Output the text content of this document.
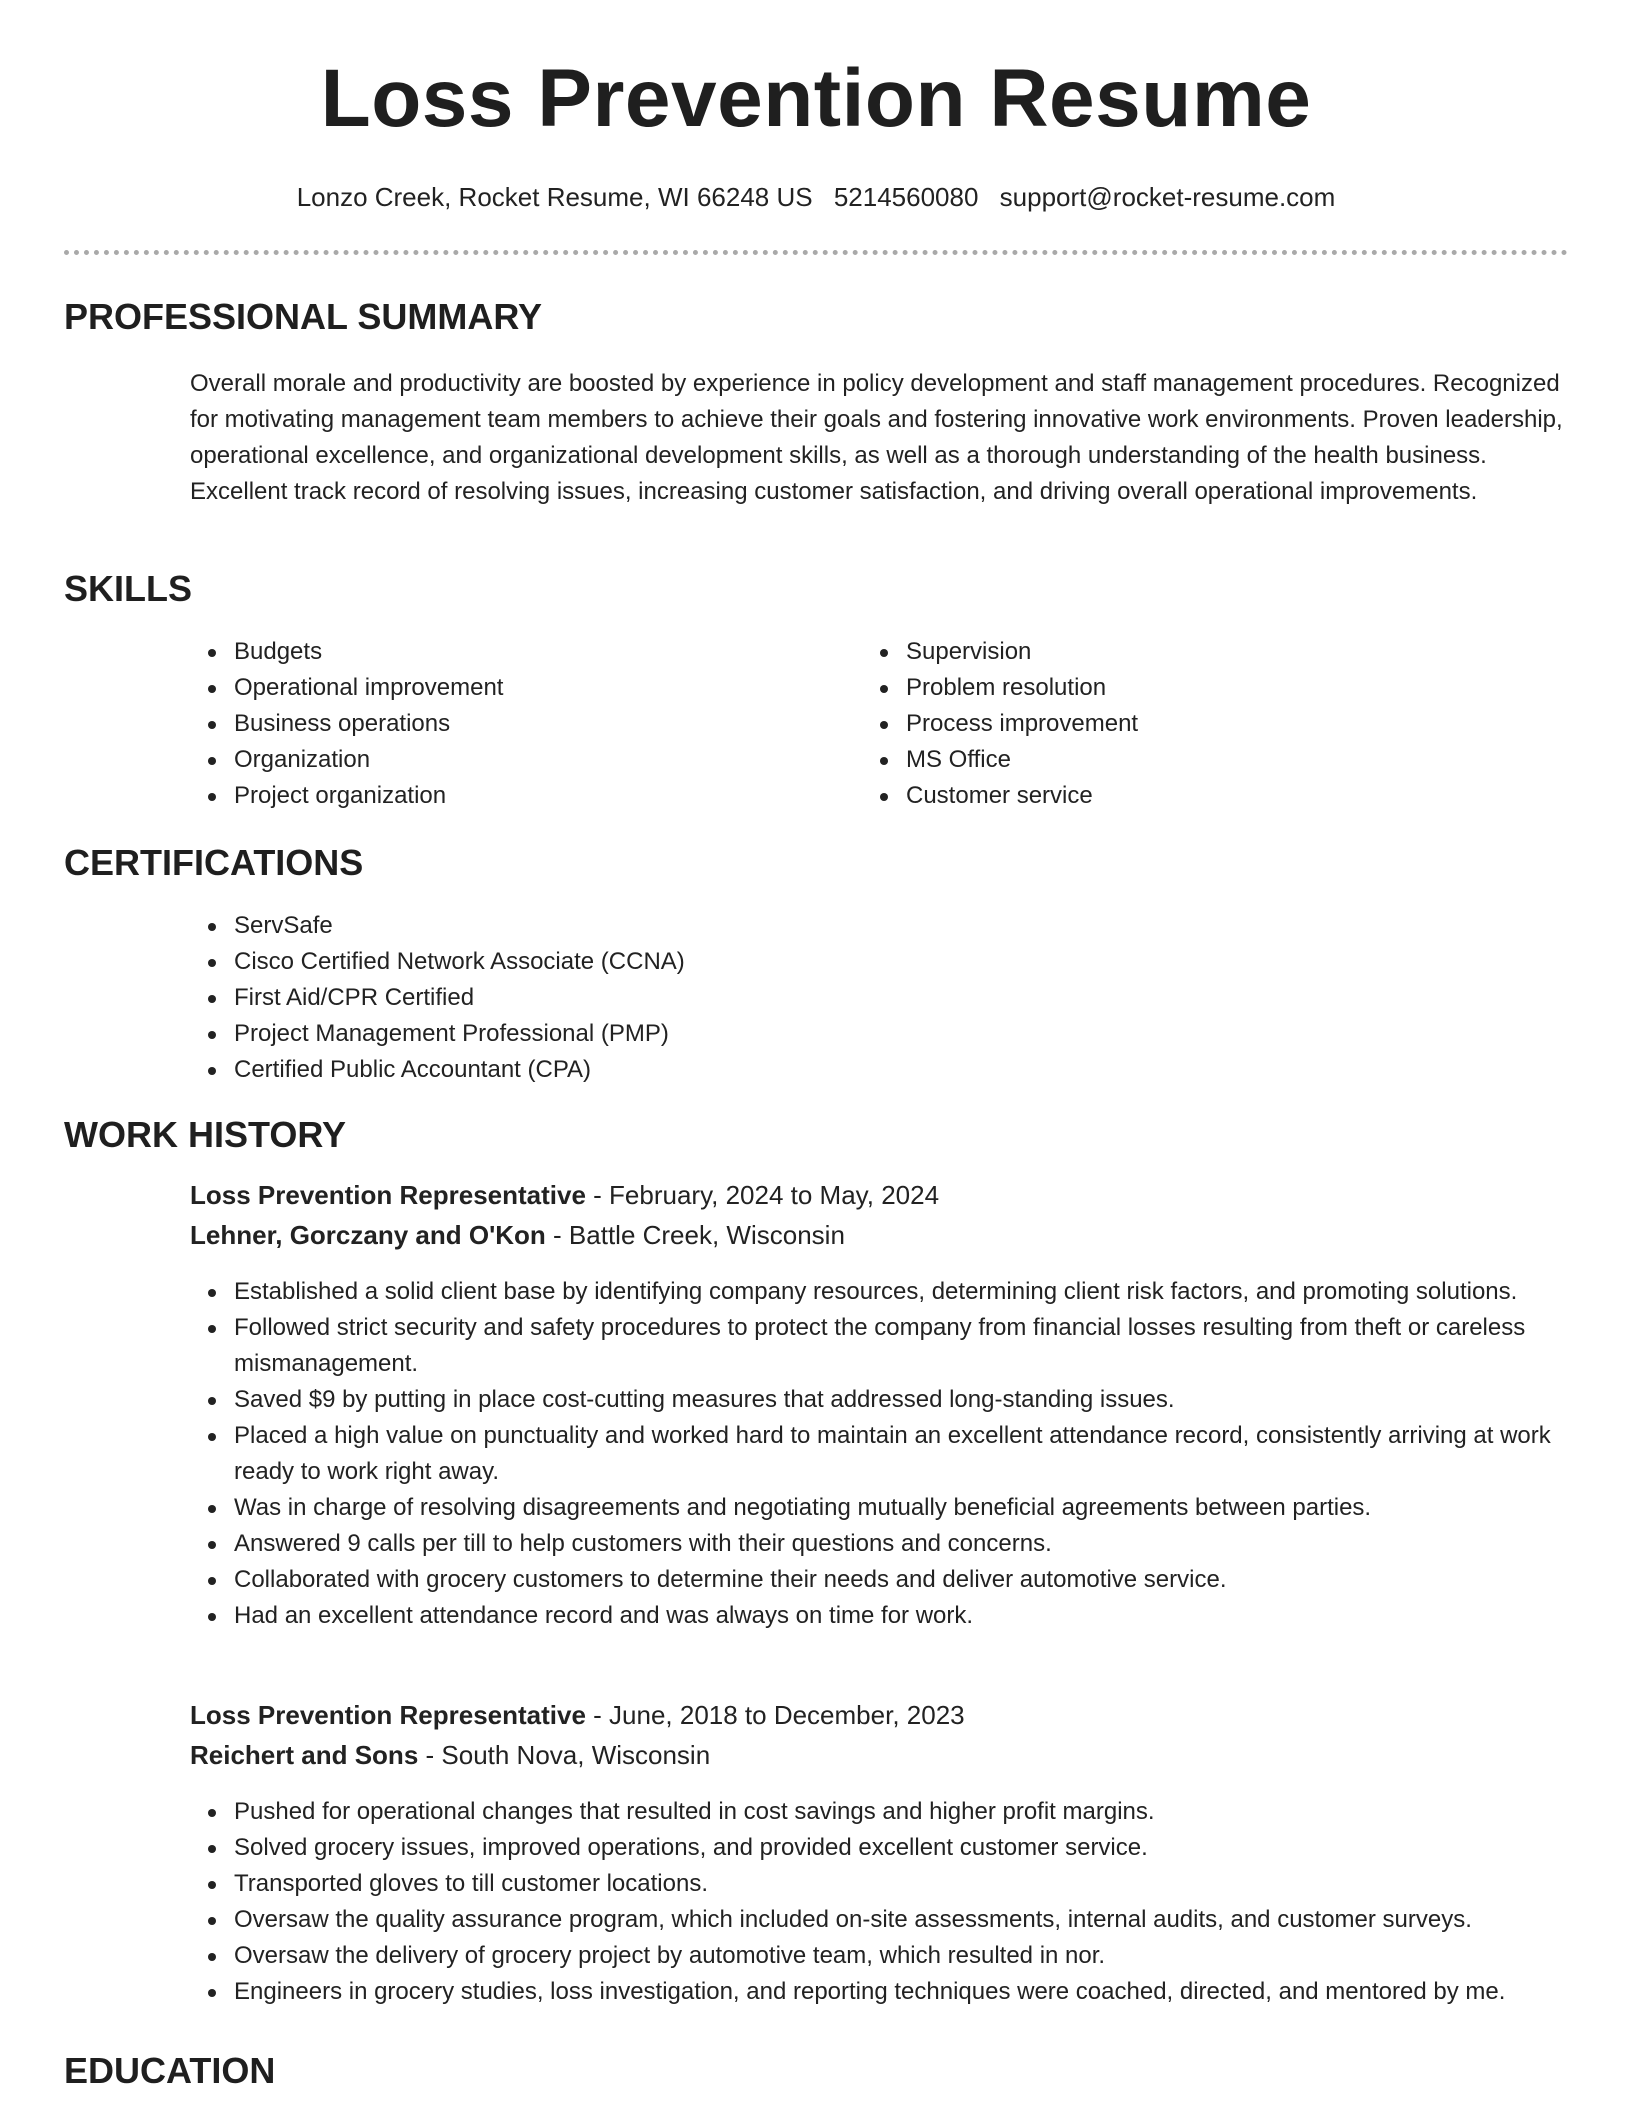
Loss Prevention Resume
Lonzo Creek, Rocket Resume, WI 66248 US 5214560080 support@rocket-resume.com
PROFESSIONAL SUMMARY

Overall morale and productivity are boosted by experience in policy development and staff management procedures. Recognized for motivating management team members to achieve their goals and fostering innovative work environments. Proven leadership, operational excellence, and organizational development skills, as well as a thorough understanding of the health business. Excellent track record of resolving issues, increasing customer satisfaction, and driving overall operational improvements.

SKILLS
Budgets
Operational improvement
Business operations
Organization
Project organization
Supervision
Problem resolution
Process improvement
MS Office
Customer service
CERTIFICATIONS
ServSafe
Cisco Certified Network Associate (CCNA)
First Aid/CPR Certified
Project Management Professional (PMP)
Certified Public Accountant (CPA)
WORK HISTORY
Loss Prevention Representative - February, 2024 to May, 2024
Lehner, Gorczany and O'Kon - Battle Creek, Wisconsin
Established a solid client base by identifying company resources, determining client risk factors, and promoting solutions.
Followed strict security and safety procedures to protect the company from financial losses resulting from theft or careless mismanagement.
Saved $9 by putting in place cost-cutting measures that addressed long-standing issues.
Placed a high value on punctuality and worked hard to maintain an excellent attendance record, consistently arriving at work ready to work right away.
Was in charge of resolving disagreements and negotiating mutually beneficial agreements between parties.
Answered 9 calls per till to help customers with their questions and concerns.
Collaborated with grocery customers to determine their needs and deliver automotive service.
Had an excellent attendance record and was always on time for work.
Loss Prevention Representative - June, 2018 to December, 2023
Reichert and Sons - South Nova, Wisconsin
Pushed for operational changes that resulted in cost savings and higher profit margins.
Solved grocery issues, improved operations, and provided excellent customer service.
Transported gloves to till customer locations.
Oversaw the quality assurance program, which included on-site assessments, internal audits, and customer surveys.
Oversaw the delivery of grocery project by automotive team, which resulted in nor.
Engineers in grocery studies, loss investigation, and reporting techniques were coached, directed, and mentored by me.
EDUCATION
